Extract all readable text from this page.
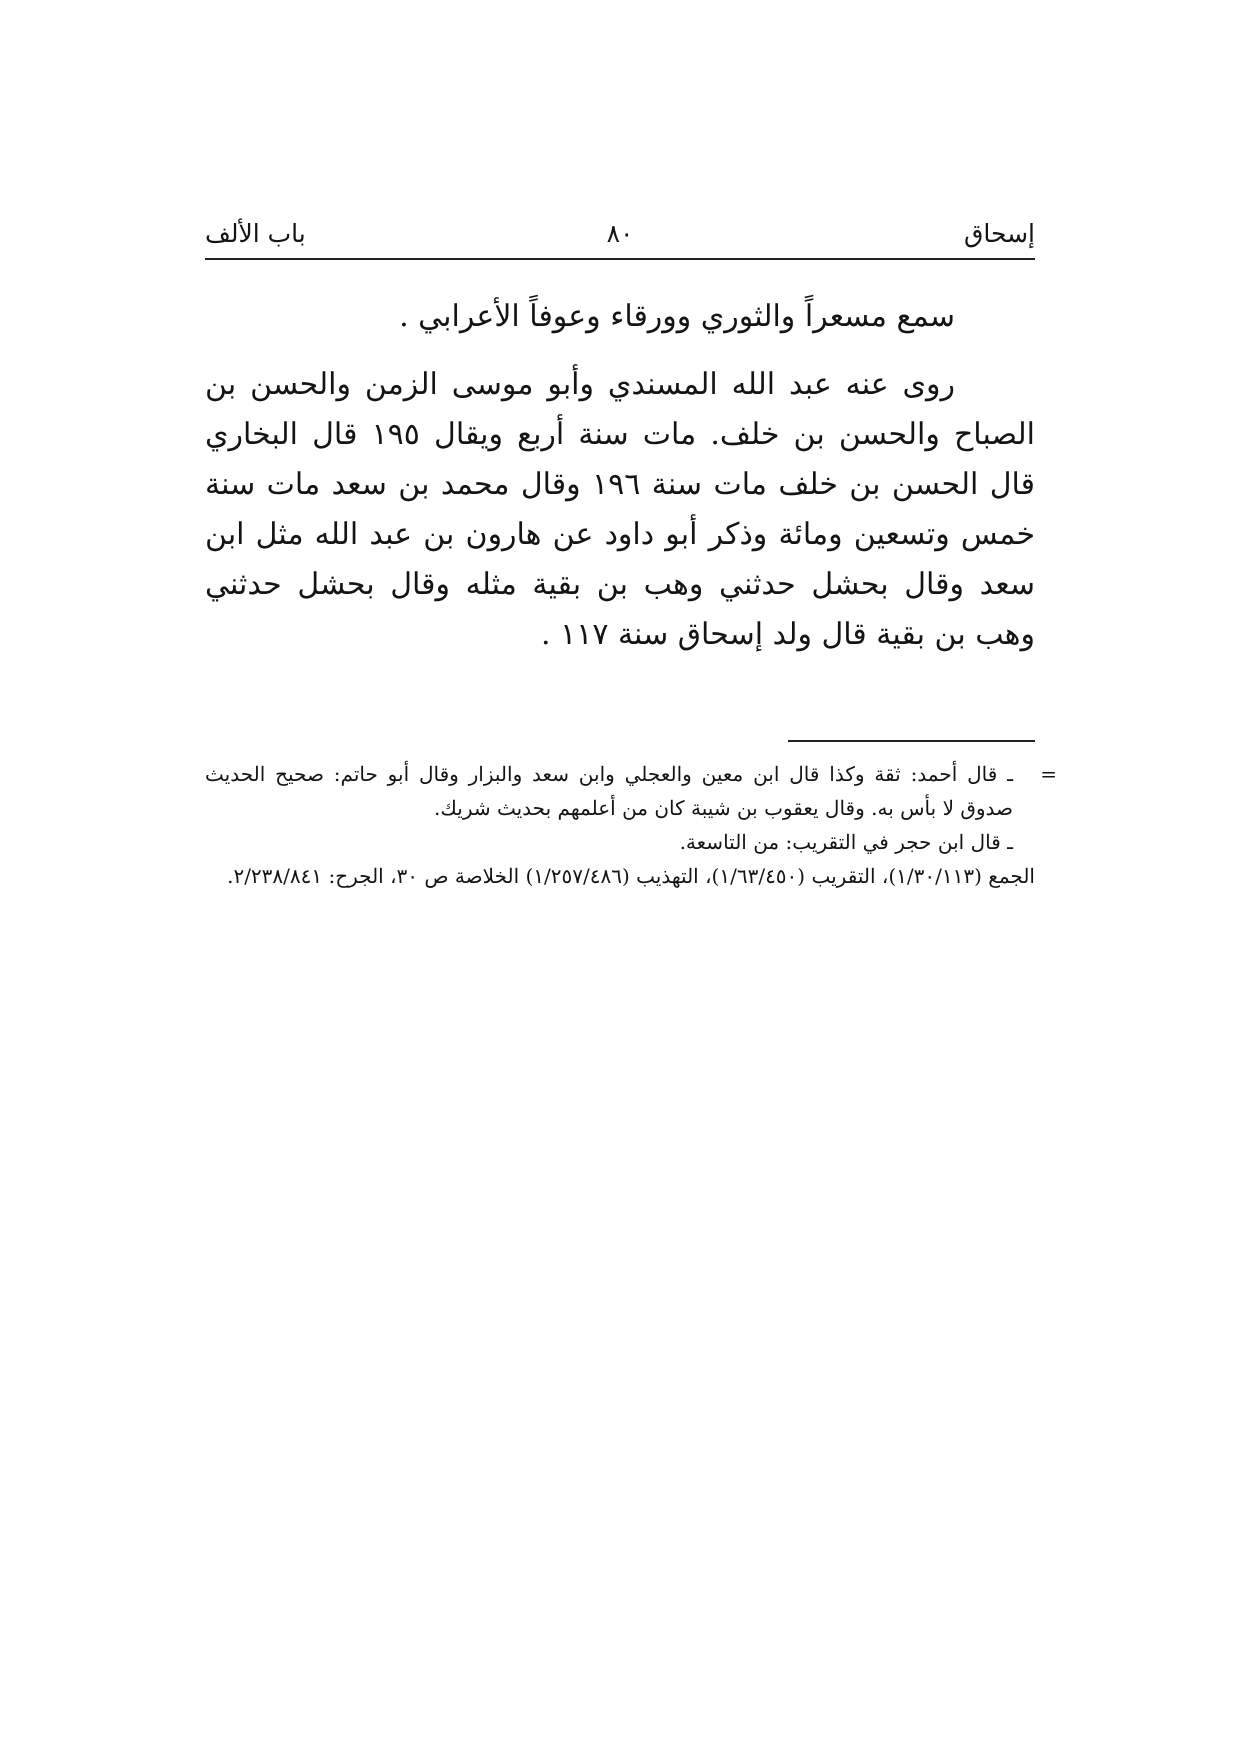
إسحاق
٨٠
باب الألف

سمع مسعراً والثوري وورقاء وعوفاً الأعرابي .

روى عنه عبد الله المسندي وأبو موسى الزمن والحسن بن الصباح والحسن بن خلف. مات سنة أربع ويقال ١٩٥ قال البخاري قال الحسن بن خلف مات سنة ١٩٦ وقال محمد بن سعد مات سنة خمس وتسعين ومائة وذكر أبو داود عن هارون بن عبد الله مثل ابن سعد وقال بحشل حدثني وهب بن بقية مثله وقال بحشل حدثني وهب بن بقية قال ولد إسحاق سنة ١١٧ .

=
ـ قال أحمد: ثقة وكذا قال ابن معين والعجلي وابن سعد والبزار وقال أبو حاتم: صحيح الحديث صدوق لا بأس به. وقال يعقوب بن شيبة كان من أعلمهم بحديث شريك.

ـ قال ابن حجر في التقريب: من التاسعة.

الجمع (١/٣٠/١١٣)، التقريب (١/٦٣/٤٥٠)، التهذيب (١/٢٥٧/٤٨٦) الخلاصة ص ٣٠، الجرح: ٢/٢٣٨/٨٤١.
